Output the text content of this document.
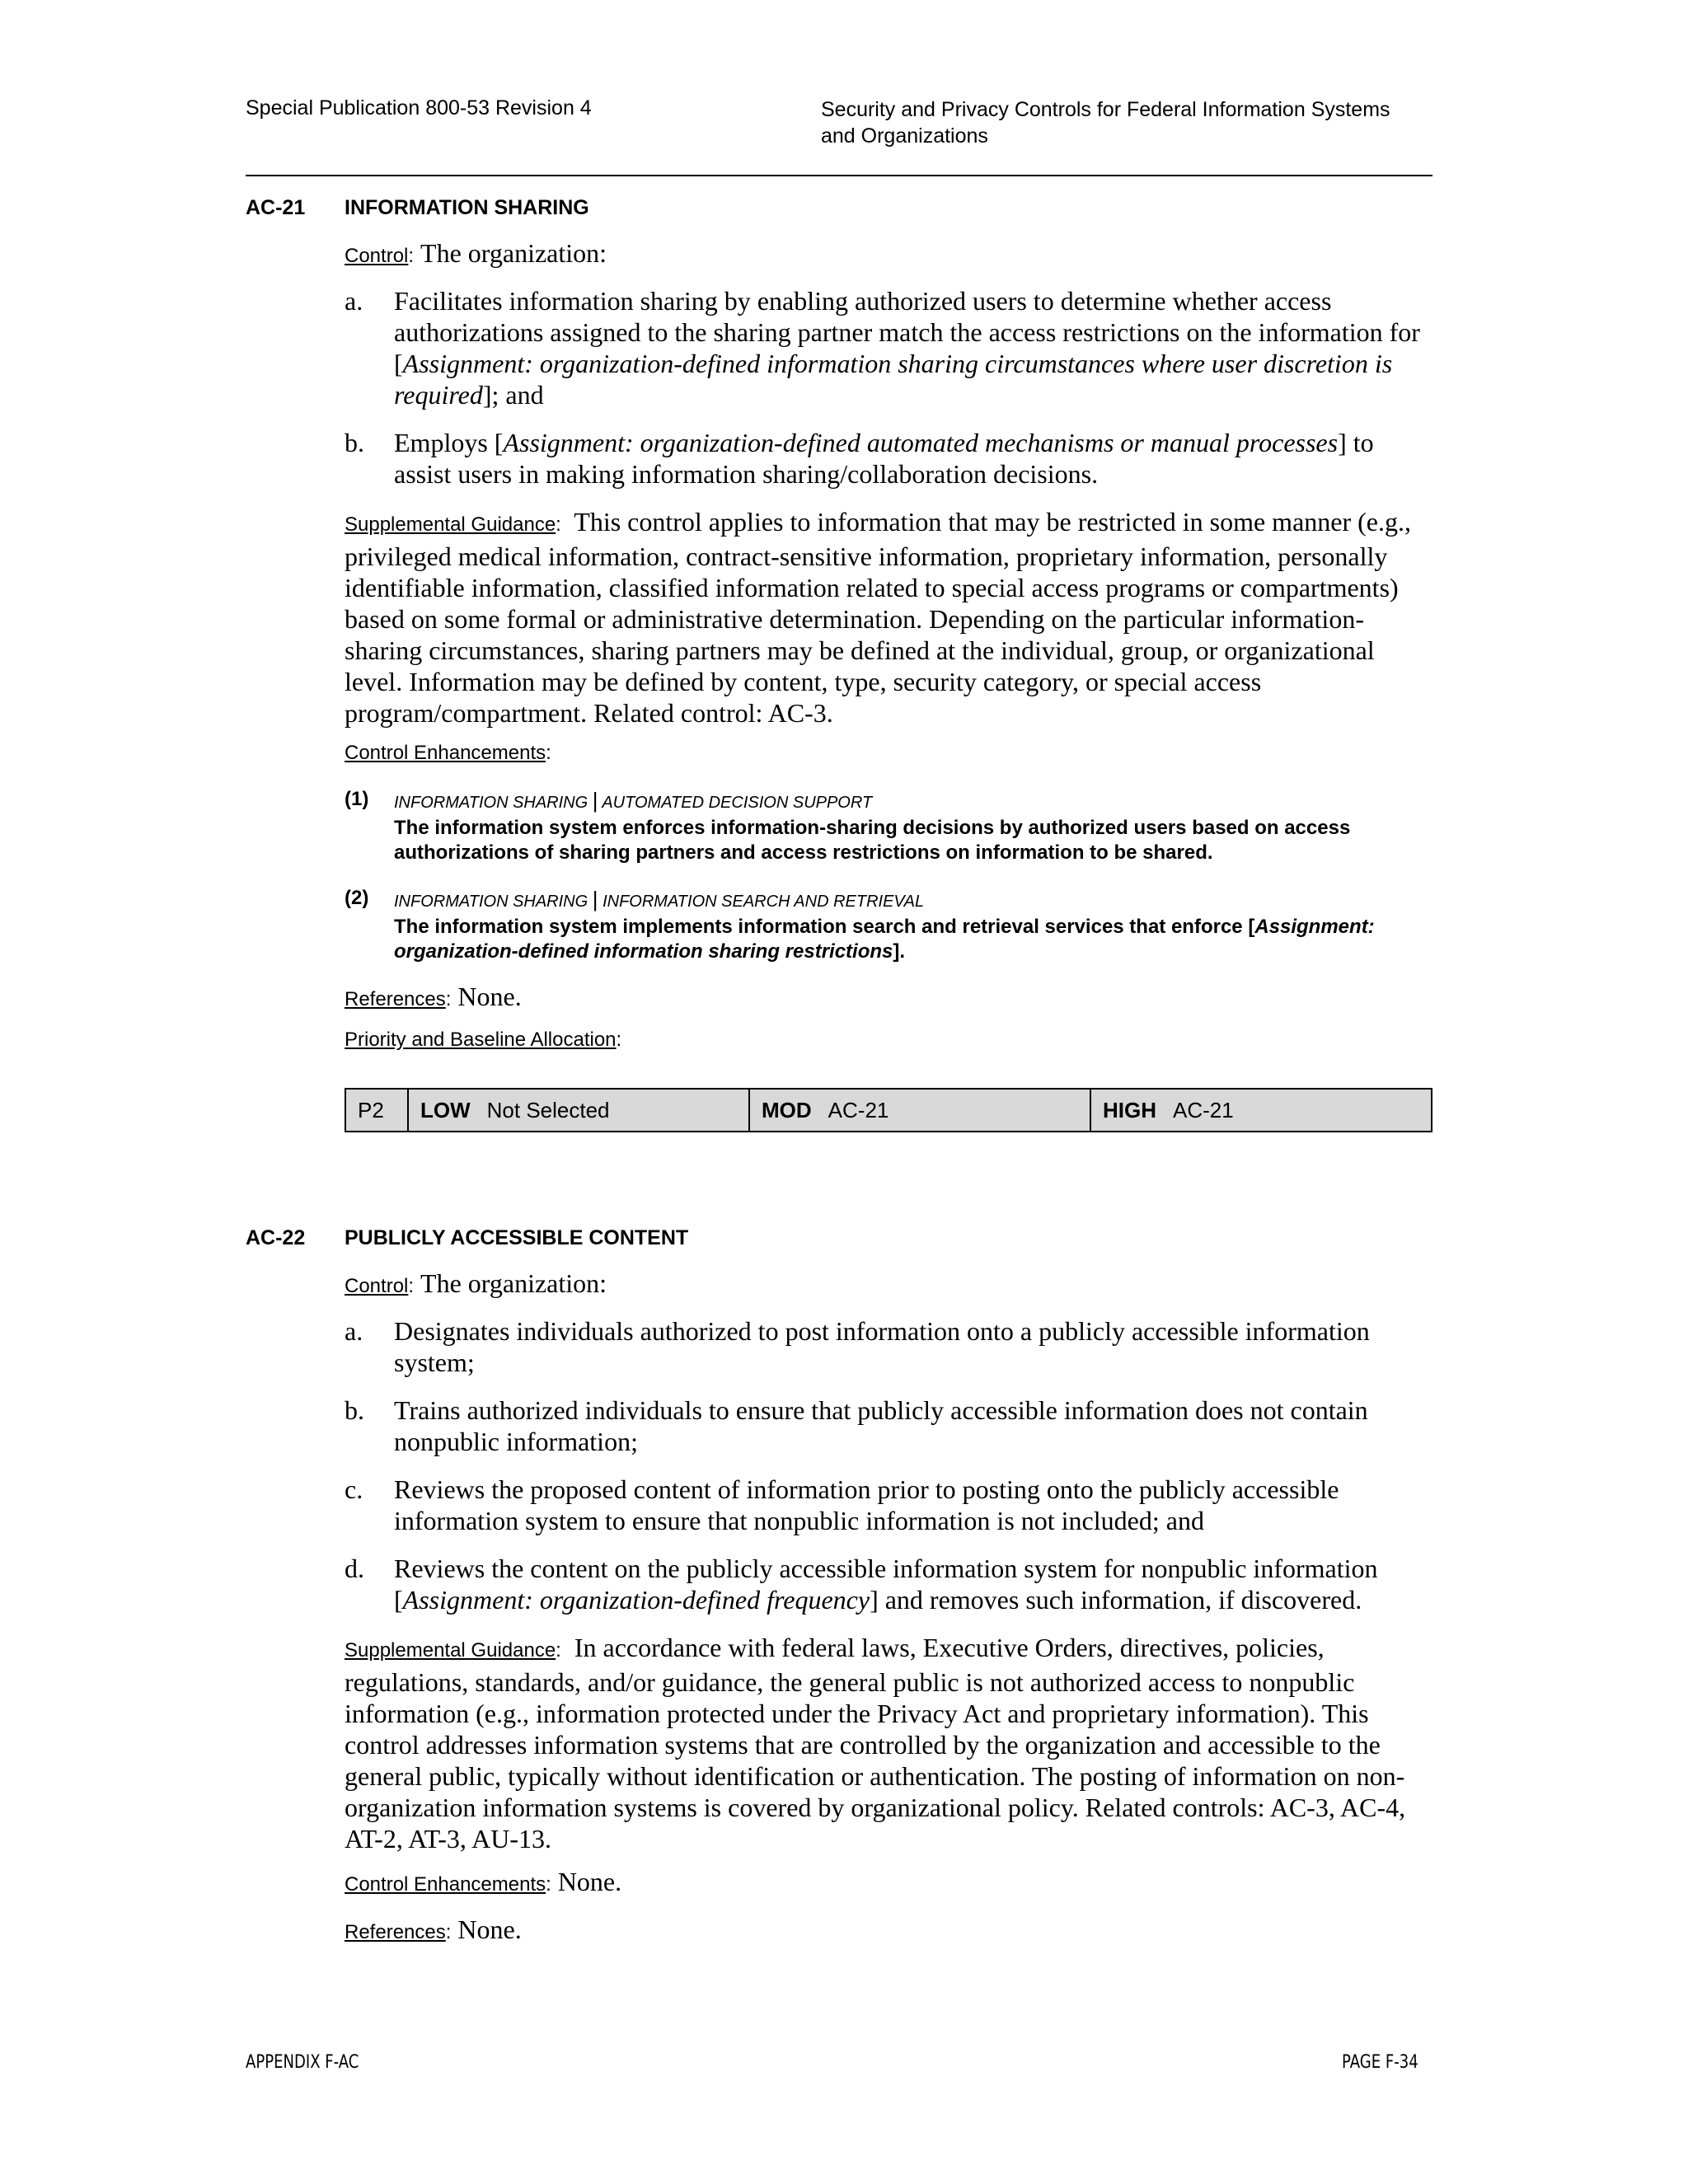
Special Publication 800-53 Revision 4	Security and Privacy Controls for Federal Information Systems
and Organizations
AC-21 INFORMATION SHARING
Control: The organization:
a. Facilitates information sharing by enabling authorized users to determine whether access authorizations assigned to the sharing partner match the access restrictions on the information for [Assignment: organization-defined information sharing circumstances where user discretion is required]; and
b. Employs [Assignment: organization-defined automated mechanisms or manual processes] to assist users in making information sharing/collaboration decisions.
Supplemental Guidance: This control applies to information that may be restricted in some manner (e.g., privileged medical information, contract-sensitive information, proprietary information, personally identifiable information, classified information related to special access programs or compartments) based on some formal or administrative determination. Depending on the particular information-sharing circumstances, sharing partners may be defined at the individual, group, or organizational level. Information may be defined by content, type, security category, or special access program/compartment. Related control: AC-3.
Control Enhancements:
(1) INFORMATION SHARING | AUTOMATED DECISION SUPPORT
The information system enforces information-sharing decisions by authorized users based on access authorizations of sharing partners and access restrictions on information to be shared.
(2) INFORMATION SHARING | INFORMATION SEARCH AND RETRIEVAL
The information system implements information search and retrieval services that enforce [Assignment: organization-defined information sharing restrictions].
References: None.
Priority and Baseline Allocation:
P2 LOW Not Selected	MOD AC-21	HIGH AC-21
AC-22 PUBLICLY ACCESSIBLE CONTENT
Control: The organization:
a. Designates individuals authorized to post information onto a publicly accessible information system;
b. Trains authorized individuals to ensure that publicly accessible information does not contain nonpublic information;
c. Reviews the proposed content of information prior to posting onto the publicly accessible information system to ensure that nonpublic information is not included; and
d. Reviews the content on the publicly accessible information system for nonpublic information [Assignment: organization-defined frequency] and removes such information, if discovered.
Supplemental Guidance: In accordance with federal laws, Executive Orders, directives, policies, regulations, standards, and/or guidance, the general public is not authorized access to nonpublic information (e.g., information protected under the Privacy Act and proprietary information). This control addresses information systems that are controlled by the organization and accessible to the general public, typically without identification or authentication. The posting of information on non-organization information systems is covered by organizational policy. Related controls: AC-3, AC-4, AT-2, AT-3, AU-13.
Control Enhancements: None.
References: None.
APPENDIX F-AC	PAGE F-34
